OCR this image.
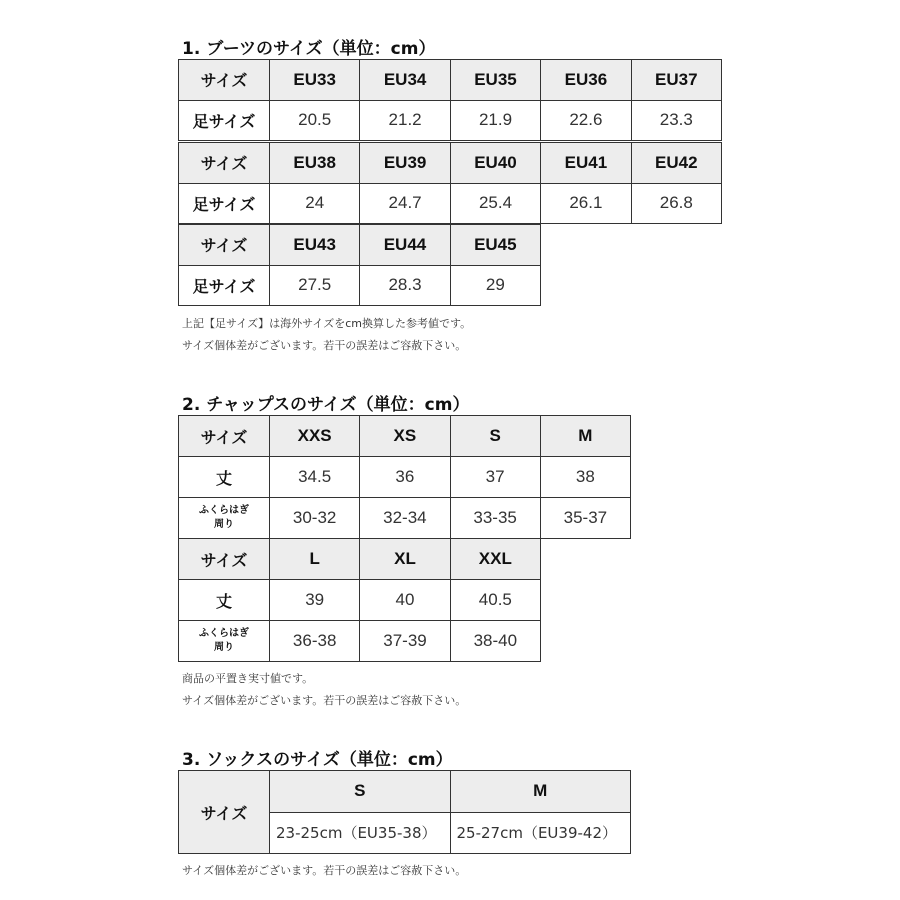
1. ブーツのサイズ（単位：cm）
サイズ	EU33	EU34	EU35	EU36	EU37
足サイズ	20.5	21.2	21.9	22.6	23.3
サイズ	EU38	EU39	EU40	EU41	EU42
足サイズ	24	24.7	25.4	26.1	26.8
サイズ	EU43	EU44	EU45
足サイズ	27.5	28.3	29
上記【足サイズ】は海外サイズをcm換算した参考値です。
サイズ個体差がございます。若干の誤差はご容赦下さい。
2. チャップスのサイズ（単位：cm）
サイズ	XXS	XS	S	M
丈	34.5	36	37	38
ふくらはぎ
周り	30-32	32-34	33-35	35-37
サイズ	L	XL	XXL
丈	39	40	40.5
ふくらはぎ
周り	36-38	37-39	38-40
商品の平置き実寸値です。
サイズ個体差がございます。若干の誤差はご容赦下さい。
3. ソックスのサイズ（単位：cm）
サイズ
S	M
23-25cm（EU35-38）	25-27cm（EU39-42）
サイズ個体差がございます。若干の誤差はご容赦下さい。
